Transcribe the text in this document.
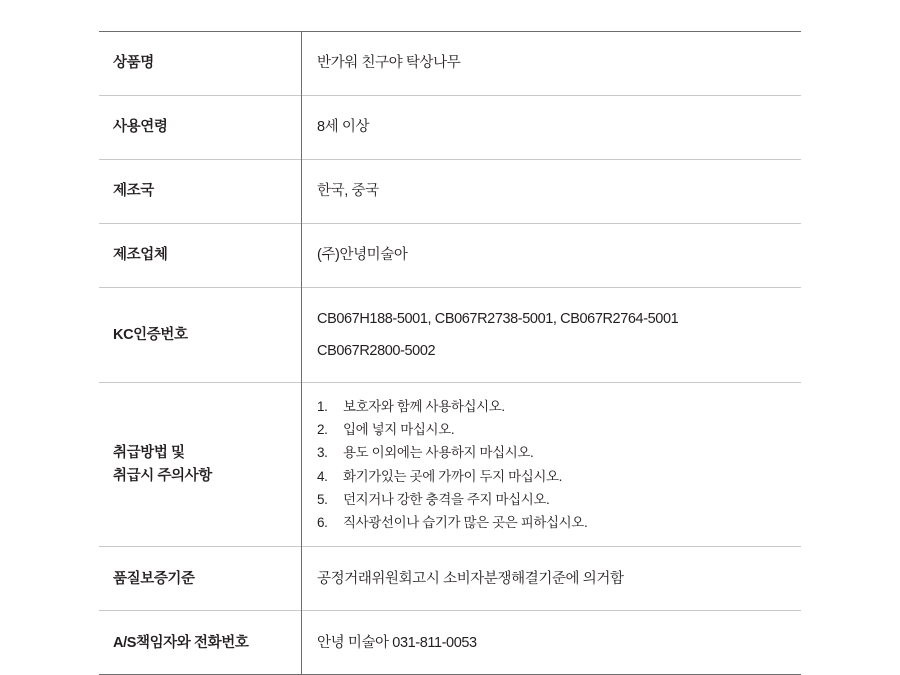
상품명	반가워 친구야 탁상나무

사용연령	8세 이상

제조국	한국, 중국

제조업체	(주)안녕미술아

KC인증번호	CB067H188-5001, CB067R2738-5001, CB067R2764-5001
CB067R2800-5002

취급방법 및
취급시 주의사항

1.	보호자와 함께 사용하십시오.
2.	입에 넣지 마십시오.
3.	용도 이외에는 사용하지 마십시오.
4.	화기가있는 곳에 가까이 두지 마십시오.
5.	던지거나 강한 충격을 주지 마십시오.
6.	직사광선이나 습기가 많은 곳은 피하십시오.

품질보증기준	공정거래위원회고시 소비자분쟁해결기준에 의거함

A/S책임자와 전화번호	안녕 미술아 031-811-0053
